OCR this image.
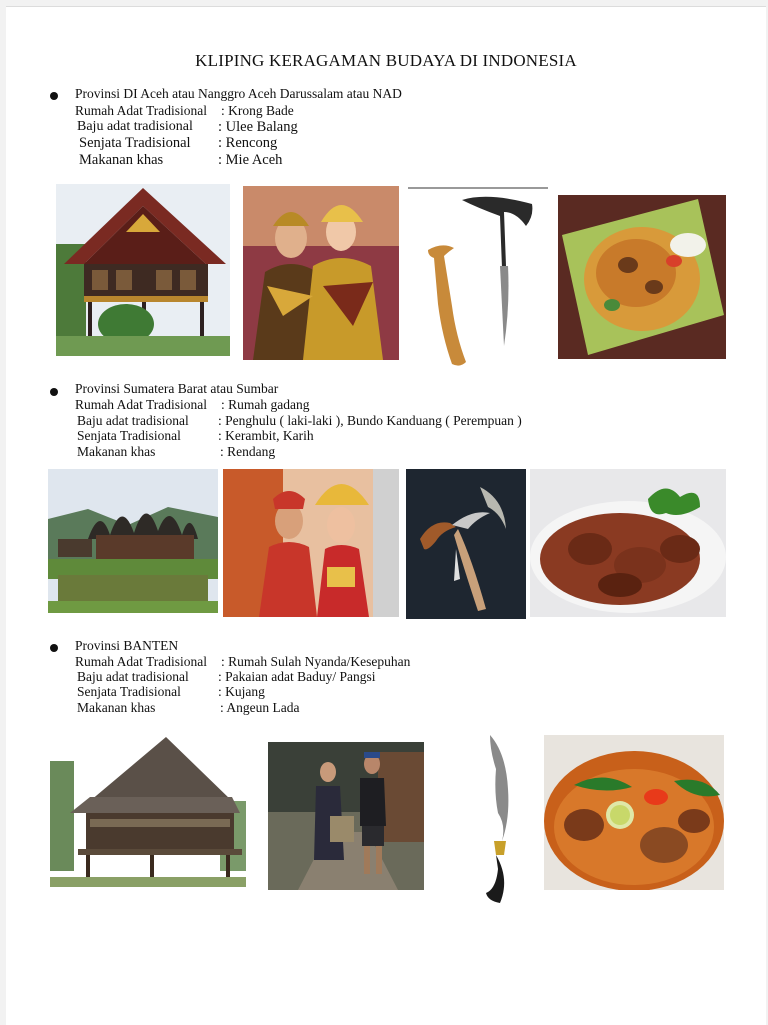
KLIPING KERAGAMAN BUDAYA DI INDONESIA
Provinsi DI Aceh atau Nanggro Aceh Darussalam atau NAD
Rumah Adat Tradisional : Krong Bade
Baju adat tradisional : Ulee Balang
Senjata Tradisional : Rencong
Makanan khas	: Mie Aceh
Provinsi Sumatera Barat atau Sumbar
Rumah Adat Tradisional : Rumah gadang
Baju adat tradisional : Penghulu ( laki-laki ), Bundo Kanduang ( Perempuan )
Senjata Tradisional	: Kerambit, Karih
Makanan khas	: Rendang
Provinsi BANTEN
Rumah Adat Tradisional : Rumah Sulah Nyanda/Kesepuhan
Baju adat tradisional : Pakaian adat Baduy/ Pangsi
Senjata Tradisional	: Kujang
Makanan khas	: Angeun Lada
